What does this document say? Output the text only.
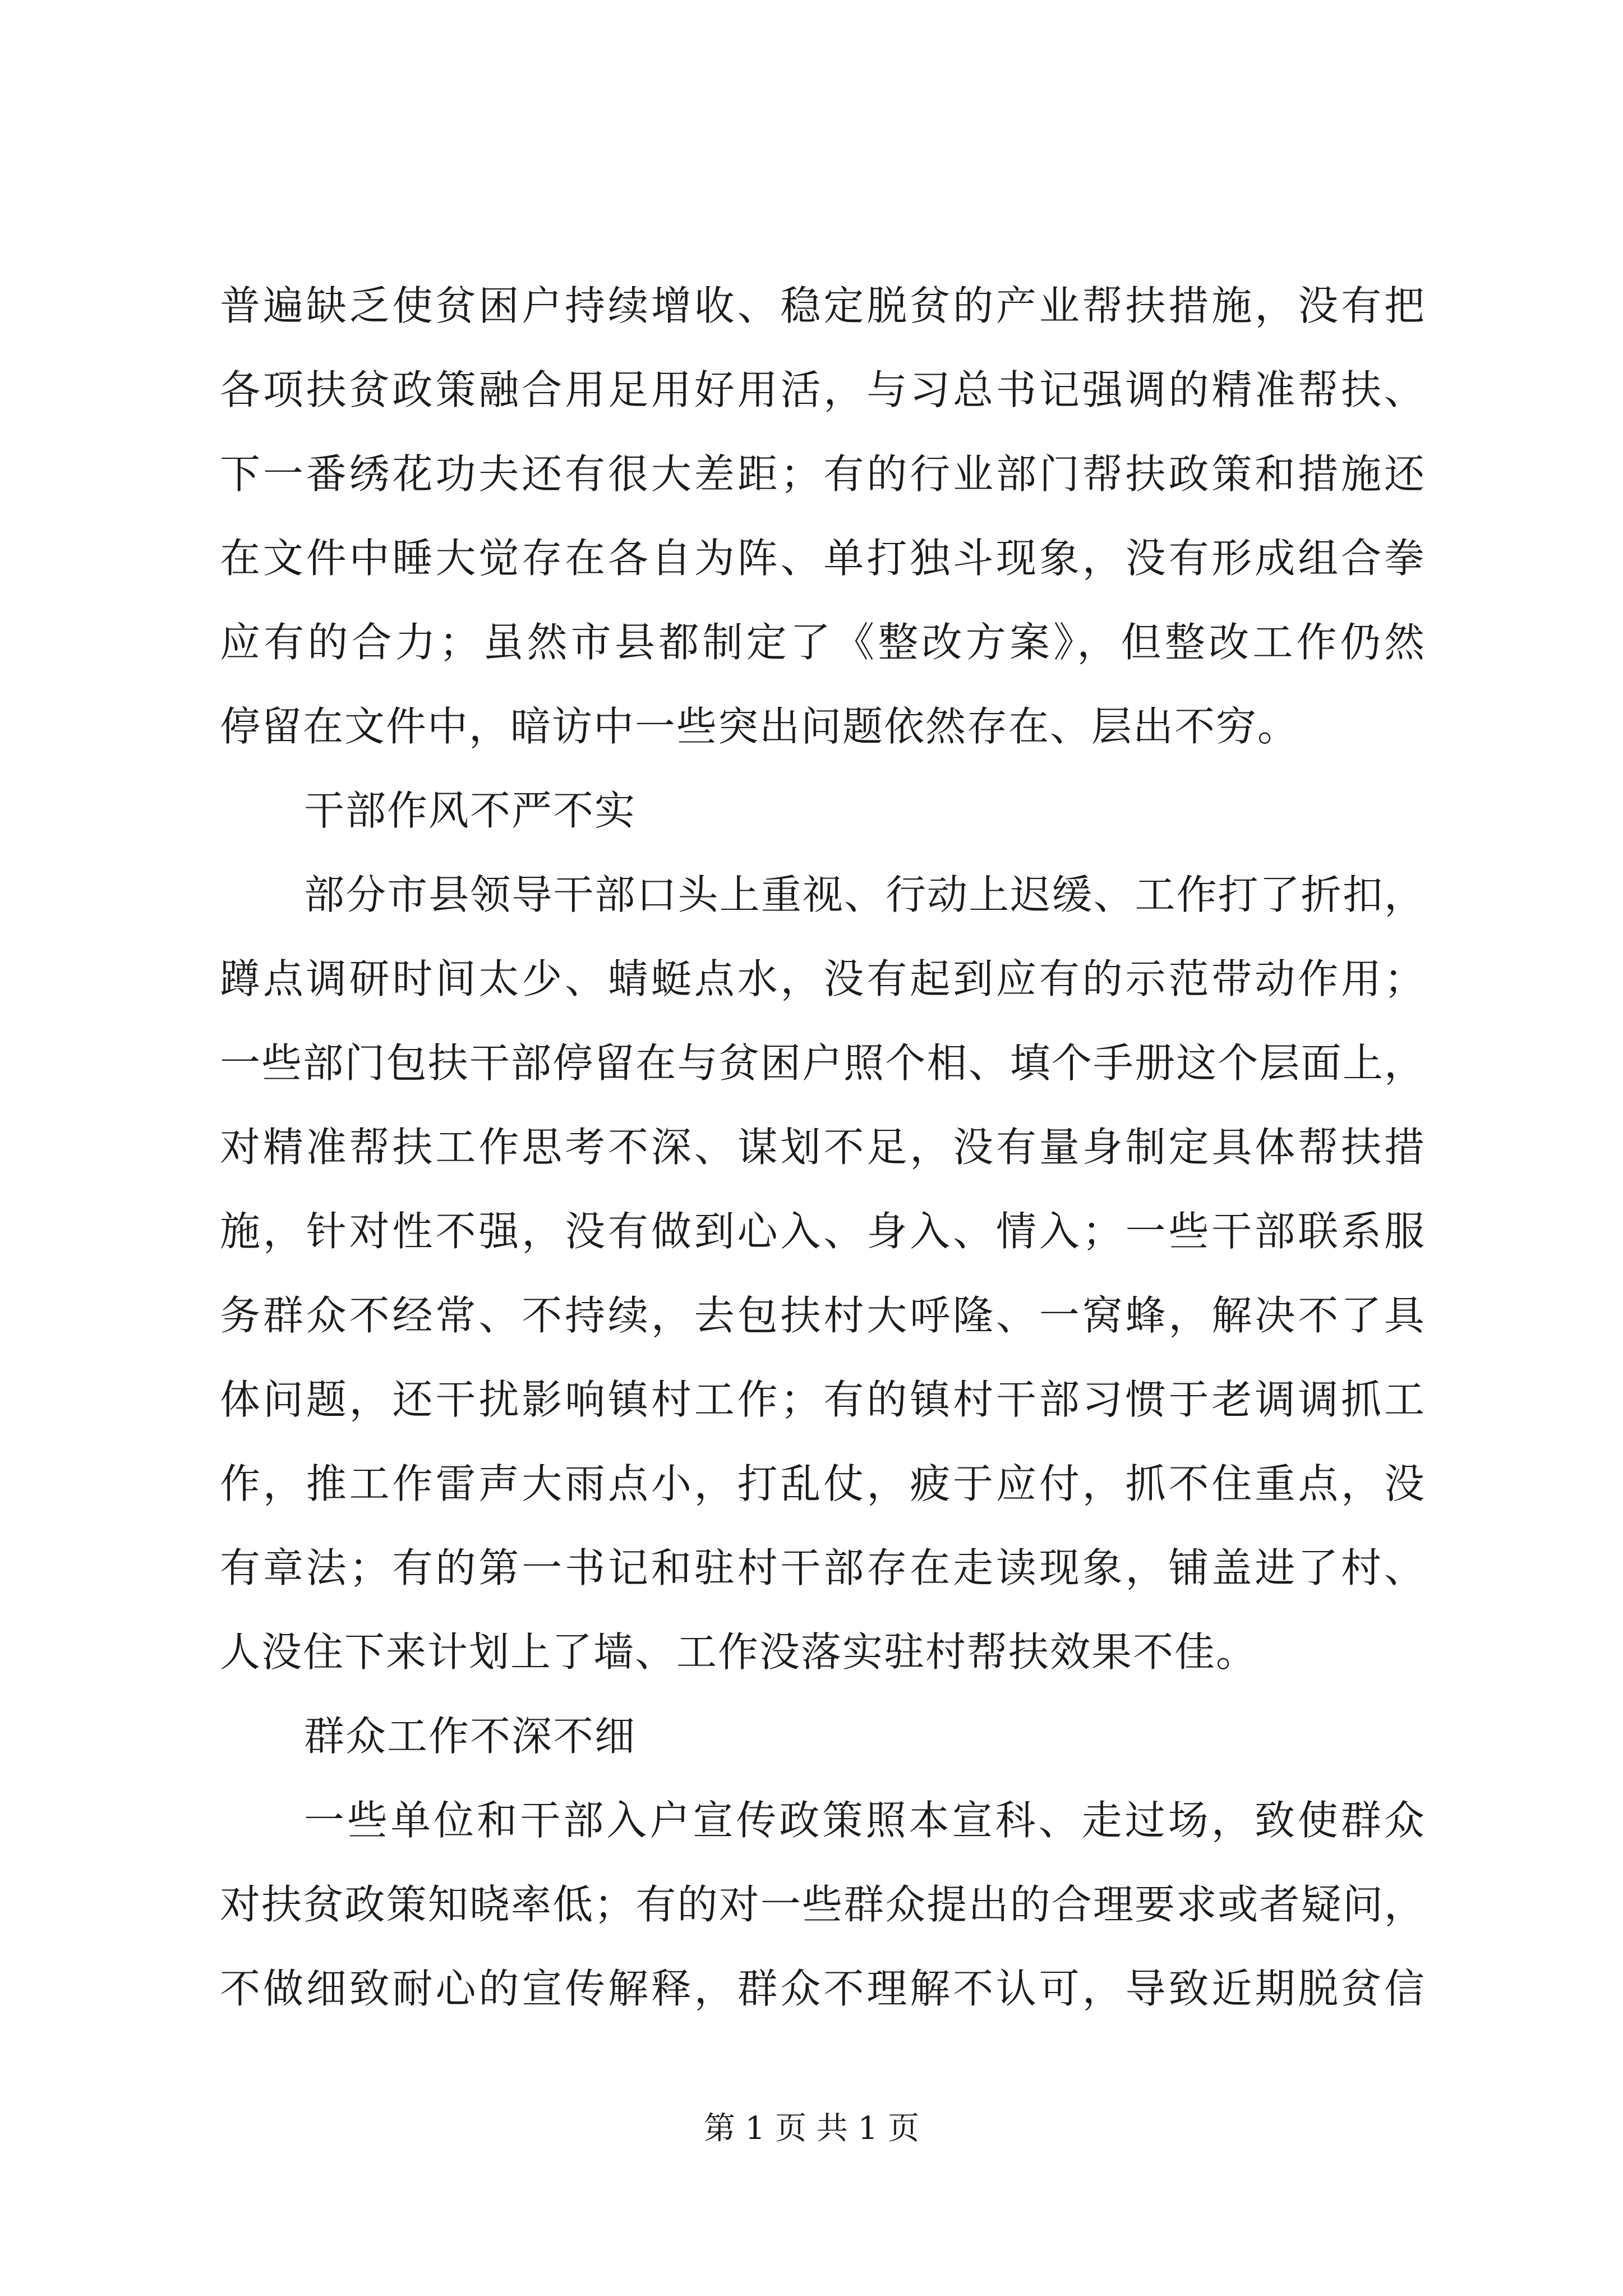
普遍缺乏使贫困户持续增收、稳定脱贫的产业帮扶措施，没有把
各项扶贫政策融合用足用好用活，与习总书记强调的精准帮扶、
下一番绣花功夫还有很大差距；有的行业部门帮扶政策和措施还
在文件中睡大觉存在各自为阵、单打独斗现象，没有形成组合拳
应有的合力；虽然市县都制定了《整改方案》，但整改工作仍然
停留在文件中，暗访中一些突出问题依然存在、层出不穷。
干部作风不严不实
部分市县领导干部口头上重视、行动上迟缓、工作打了折扣，
蹲点调研时间太少、蜻蜓点水，没有起到应有的示范带动作用；
一些部门包扶干部停留在与贫困户照个相、填个手册这个层面上，
对精准帮扶工作思考不深、谋划不足，没有量身制定具体帮扶措
施，针对性不强，没有做到心入、身入、情入；一些干部联系服
务群众不经常、不持续，去包扶村大呼隆、一窝蜂，解决不了具
体问题，还干扰影响镇村工作；有的镇村干部习惯于老调调抓工
作，推工作雷声大雨点小，打乱仗，疲于应付，抓不住重点，没
有章法；有的第一书记和驻村干部存在走读现象，铺盖进了村、
人没住下来计划上了墙、工作没落实驻村帮扶效果不佳。
群众工作不深不细
一些单位和干部入户宣传政策照本宣科、走过场，致使群众
对扶贫政策知晓率低；有的对一些群众提出的合理要求或者疑问，
不做细致耐心的宣传解释，群众不理解不认可，导致近期脱贫信
第 1 页 共 1 页
